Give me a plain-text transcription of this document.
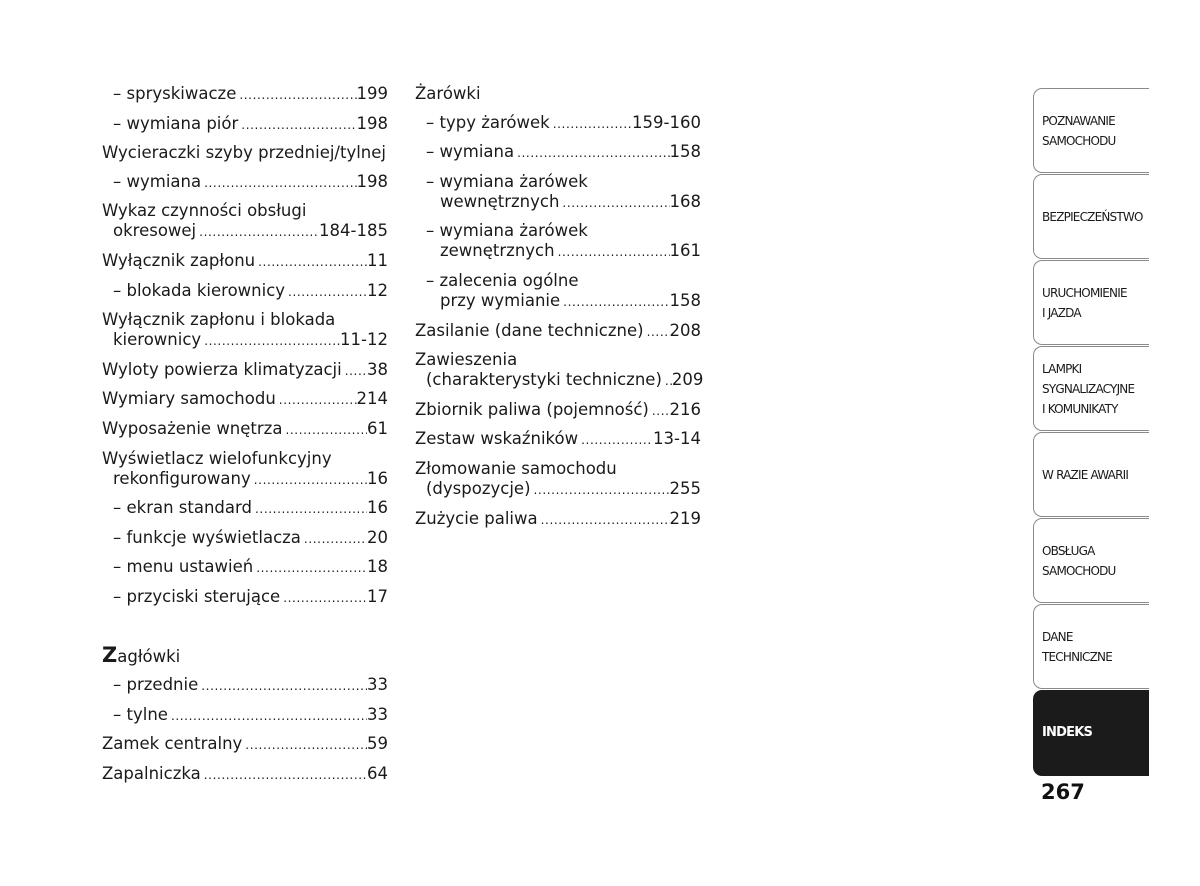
– spryskiwacze .....	199
– wymiana piór .....	198
Wycieraczki szyby przedniej/tylnej
– wymiana .....	198
Wykaz czynności obsługi
okresowej .....	184-185
Wyłącznik zapłonu .....	11
– blokada kierownicy .....	12
Wyłącznik zapłonu i blokada
kierownicy .....	11-12
Wyloty powierza klimatyzacji ..... 38
Wymiary samochodu .....	214
Wyposażenie wnętrza .....	61
Wyświetlacz wielofunkcyjny
rekonfigurowany .....	16
– ekran standard .....	16
– funkcje wyświetlacza .....	20
– menu ustawień .....	18
– przyciski sterujące .....	17
Zagłówki
– przednie .....	33
– tylne .....	33
Zamek centralny .....	59
Zapalniczka .....	64
Żarówki
– typy żarówek .....	159-160
– wymiana .....	158
– wymiana żarówek
wewnętrznych .....	168
– wymiana żarówek
zewnętrznych .....	161
– zalecenia ogólne
przy wymianie .....	158
Zasilanie (dane techniczne) ..... 208
Zawieszenia
(charakterystyki techniczne) ..... 209
Zbiornik paliwa (pojemność) ..... 216
Zestaw wskaźników .....	13-14
Złomowanie samochodu
(dyspozycje) .....	255
Zużycie paliwa .....	219
POZNAWANIE
SAMOCHODU
BEZPIECZEŃSTWO
URUCHOMIENIE
I JAZDA
LAMPKI
SYGNALIZACYJNE
I KOMUNIKATY
W RAZIE AWARII
OBSŁUGA
SAMOCHODU
DANE
TECHNICZNE
INDEKS
267
